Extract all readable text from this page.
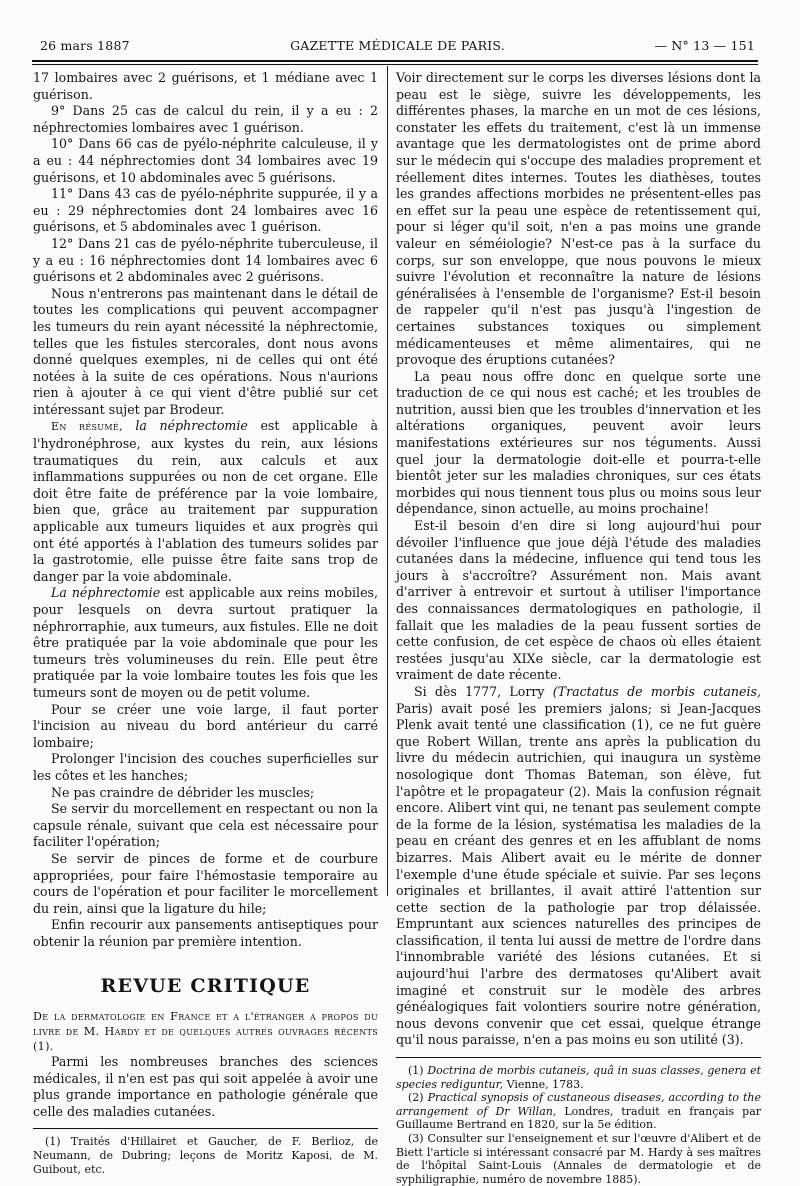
26 mars 1887	GAZETTE MÉDICALE DE PARIS.	— N° 13 — 151

17 lombaires avec 2 guérisons, et 1 médiane avec 1 guérison.

9° Dans 25 cas de calcul du rein, il y a eu : 2 néphrectomies lombaires avec 1 guérison.

10° Dans 66 cas de pyélo-néphrite calculeuse, il y a eu : 44 néphrectomies dont 34 lombaires avec 19 guérisons, et 10 abdominales avec 5 guérisons.

11° Dans 43 cas de pyélo-néphrite suppurée, il y a eu : 29 néphrectomies dont 24 lombaires avec 16 guérisons, et 5 abdominales avec 1 guérison.

12° Dans 21 cas de pyélo-néphrite tuberculeuse, il y a eu : 16 néphrectomies dont 14 lombaires avec 6 guérisons et 2 abdominales avec 2 guérisons.

Nous n'entrerons pas maintenant dans le détail de toutes les complications qui peuvent accompagner les tumeurs du rein ayant nécessité la néphrectomie, telles que les fistules stercorales, dont nous avons donné quelques exemples, ni de celles qui ont été notées à la suite de ces opérations. Nous n'aurions rien à ajouter à ce qui vient d'être publié sur cet intéressant sujet par Brodeur.

En résumé, la néphrectomie est applicable à l'hydronéphrose, aux kystes du rein, aux lésions traumatiques du rein, aux calculs et aux inflammations suppurées ou non de cet organe. Elle doit être faite de préférence par la voie lombaire, bien que, grâce au traitement par suppuration applicable aux tumeurs liquides et aux progrès qui ont été apportés à l'ablation des tumeurs solides par la gastrotomie, elle puisse être faite sans trop de danger par la voie abdominale.

La néphrectomie est applicable aux reins mobiles, pour lesquels on devra surtout pratiquer la néphrorraphie, aux tumeurs, aux fistules. Elle ne doit être pratiquée par la voie abdominale que pour les tumeurs très volumineuses du rein. Elle peut être pratiquée par la voie lombaire toutes les fois que les tumeurs sont de moyen ou de petit volume.

Pour se créer une voie large, il faut porter l'incision au niveau du bord antérieur du carré lombaire;

Prolonger l'incision des couches superficielles sur les côtes et les hanches;

Ne pas craindre de débrider les muscles;

Se servir du morcellement en respectant ou non la capsule rénale, suivant que cela est nécessaire pour faciliter l'opération;

Se servir de pinces de forme et de courbure appropriées, pour faire l'hémostasie temporaire au cours de l'opération et pour faciliter le morcellement du rein, ainsi que la ligature du hile;

Enfin recourir aux pansements antiseptiques pour obtenir la réunion par première intention.

REVUE CRITIQUE

De la dermatologie en France et a l'étranger a propos du livre de M. Hardy et de quelques autres ouvrages récents (1).

Parmi les nombreuses branches des sciences médicales, il n'en est pas qui soit appelée à avoir une plus grande importance en pathologie générale que celle des maladies cutanées.

(1) Traités d'Hillairet et Gaucher, de F. Berlioz, de Neumann, de Dubring; leçons de Moritz Kaposi, de M. Guibout, etc.

Voir directement sur le corps les diverses lésions dont la peau est le siège, suivre les développements, les différentes phases, la marche en un mot de ces lésions, constater les effets du traitement, c'est là un immense avantage que les dermatologistes ont de prime abord sur le médecin qui s'occupe des maladies proprement et réellement dites internes. Toutes les diathèses, toutes les grandes affections morbides ne présentent-elles pas en effet sur la peau une espèce de retentissement qui, pour si léger qu'il soit, n'en a pas moins une grande valeur en séméiologie? N'est-ce pas à la surface du corps, sur son enveloppe, que nous pouvons le mieux suivre l'évolution et reconnaître la nature de lésions généralisées à l'ensemble de l'organisme? Est-il besoin de rappeler qu'il n'est pas jusqu'à l'ingestion de certaines substances toxiques ou simplement médicamenteuses et même alimentaires, qui ne provoque des éruptions cutanées?

La peau nous offre donc en quelque sorte une traduction de ce qui nous est caché; et les troubles de nutrition, aussi bien que les troubles d'innervation et les altérations organiques, peuvent avoir leurs manifestations extérieures sur nos téguments. Aussi quel jour la dermatologie doit-elle et pourra-t-elle bientôt jeter sur les maladies chroniques, sur ces états morbides qui nous tiennent tous plus ou moins sous leur dépendance, sinon actuelle, au moins prochaine!

Est-il besoin d'en dire si long aujourd'hui pour dévoiler l'influence que joue déjà l'étude des maladies cutanées dans la médecine, influence qui tend tous les jours à s'accroître? Assurément non. Mais avant d'arriver à entrevoir et surtout à utiliser l'importance des connaissances dermatologiques en pathologie, il fallait que les maladies de la peau fussent sorties de cette confusion, de cet espèce de chaos où elles étaient restées jusqu'au XIXe siècle, car la dermatologie est vraiment de date récente.

Si dès 1777, Lorry (Tractatus de morbis cutaneis, Paris) avait posé les premiers jalons; si Jean-Jacques Plenk avait tenté une classification (1), ce ne fut guère que Robert Willan, trente ans après la publication du livre du médecin autrichien, qui inaugura un système nosologique dont Thomas Bateman, son élève, fut l'apôtre et le propagateur (2). Mais la confusion régnait encore. Alibert vint qui, ne tenant pas seulement compte de la forme de la lésion, systématisa les maladies de la peau en créant des genres et en les affublant de noms bizarres. Mais Alibert avait eu le mérite de donner l'exemple d'une étude spéciale et suivie. Par ses leçons originales et brillantes, il avait attiré l'attention sur cette section de la pathologie par trop délaissée. Empruntant aux sciences naturelles des principes de classification, il tenta lui aussi de mettre de l'ordre dans l'innombrable variété des lésions cutanées. Et si aujourd'hui l'arbre des dermatoses qu'Alibert avait imaginé et construit sur le modèle des arbres généalogiques fait volontiers sourire notre génération, nous devons convenir que cet essai, quelque étrange qu'il nous paraisse, n'en a pas moins eu son utilité (3).

(1) Doctrina de morbis cutaneis, quâ in suas classes, genera et species rediguntur, Vienne, 1783.

(2) Practical synopsis of custaneous diseases, according to the arrangement of Dr Willan, Londres, traduit en français par Guillaume Bertrand en 1820, sur la 5e édition.

(3) Consulter sur l'enseignement et sur l'œuvre d'Alibert et de Biett l'article si intéressant consacré par M. Hardy à ses maîtres de l'hôpital Saint-Louis (Annales de dermatologie et de syphiligraphie, numéro de novembre 1885).
